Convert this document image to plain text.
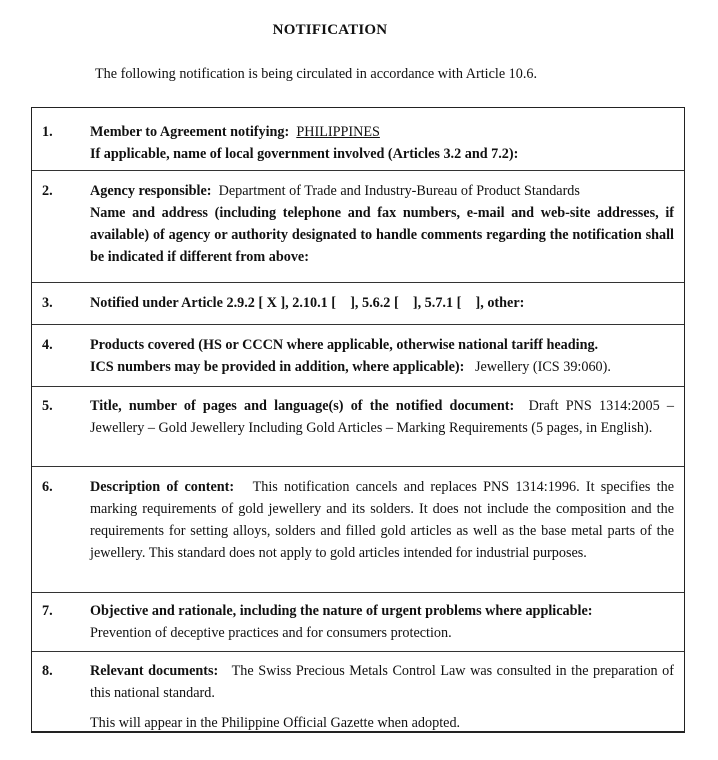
NOTIFICATION
The following notification is being circulated in accordance with Article 10.6.
1.	Member to Agreement notifying: PHILIPPINES
If applicable, name of local government involved (Articles 3.2 and 7.2):
2.	Agency responsible: Department of Trade and Industry-Bureau of Product Standards
Name and address (including telephone and fax numbers, e-mail and web-site addresses, if available) of agency or authority designated to handle comments regarding the notification shall be indicated if different from above:
3.	Notified under Article 2.9.2 [ X ], 2.10.1 [    ], 5.6.2 [    ], 5.7.1 [    ], other:
4.	Products covered (HS or CCCN where applicable, otherwise national tariff heading.
ICS numbers may be provided in addition, where applicable): Jewellery (ICS 39:060).
5.	Title, number of pages and language(s) of the notified document: Draft PNS 1314:2005 – Jewellery – Gold Jewellery Including Gold Articles – Marking Requirements (5 pages, in English).
6.	Description of content: This notification cancels and replaces PNS 1314:1996. It specifies the marking requirements of gold jewellery and its solders. It does not include the composition and the requirements for setting alloys, solders and filled gold articles as well as the base metal parts of the jewellery. This standard does not apply to gold articles intended for industrial purposes.
7.	Objective and rationale, including the nature of urgent problems where applicable:
Prevention of deceptive practices and for consumers protection.
8.	Relevant documents: The Swiss Precious Metals Control Law was consulted in the preparation of this national standard.
This will appear in the Philippine Official Gazette when adopted.
